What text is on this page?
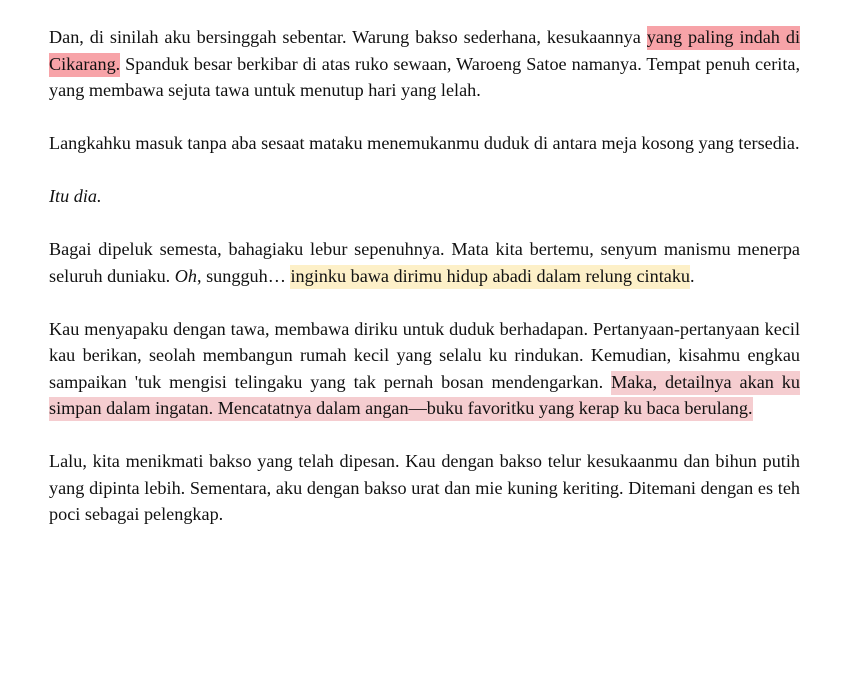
Dan, di sinilah aku bersinggah sebentar. Warung bakso sederhana, kesukaannya yang paling indah di Cikarang. Spanduk besar berkibar di atas ruko sewaan, Waroeng Satoe namanya. Tempat penuh cerita, yang membawa sejuta tawa untuk menutup hari yang lelah.

Langkahku masuk tanpa aba sesaat mataku menemukanmu duduk di antara meja kosong yang tersedia.

Itu dia.

Bagai dipeluk semesta, bahagiaku lebur sepenuhnya. Mata kita bertemu, senyum manismu menerpa seluruh duniaku. Oh, sungguh… inginku bawa dirimu hidup abadi dalam relung cintaku.

Kau menyapaku dengan tawa, membawa diriku untuk duduk berhadapan. Pertanyaan-pertanyaan kecil kau berikan, seolah membangun rumah kecil yang selalu ku rindukan. Kemudian, kisahmu engkau sampaikan 'tuk mengisi telingaku yang tak pernah bosan mendengarkan. Maka, detailnya akan ku simpan dalam ingatan. Mencatatnya dalam angan—buku favoritku yang kerap ku baca berulang.

Lalu, kita menikmati bakso yang telah dipesan. Kau dengan bakso telur kesukaanmu dan bihun putih yang dipinta lebih. Sementara, aku dengan bakso urat dan mie kuning keriting. Ditemani dengan es teh poci sebagai pelengkap.
